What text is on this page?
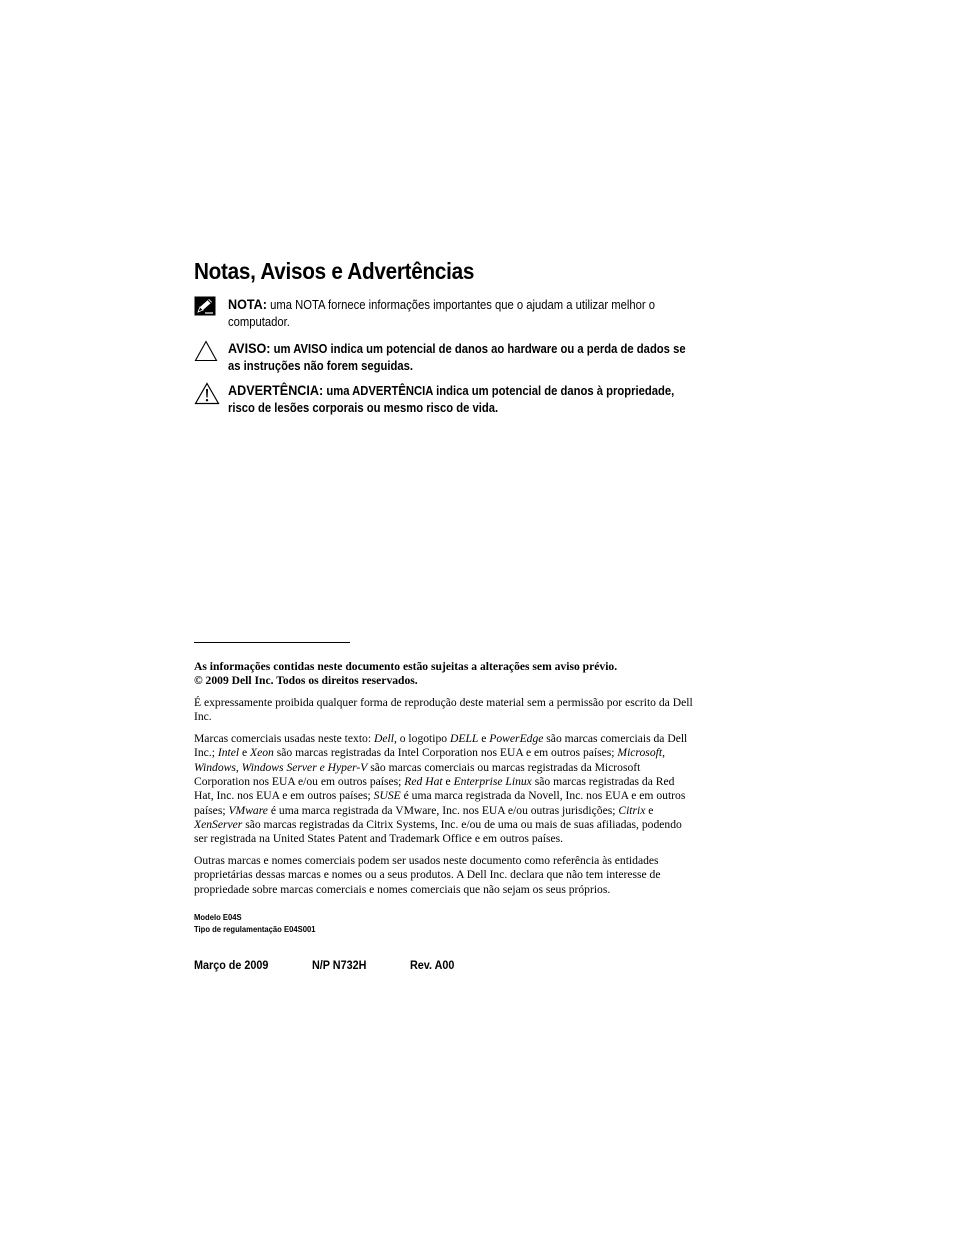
Notas, Avisos e Advertências
NOTA: uma NOTA fornece informações importantes que o ajudam a utilizar melhor o computador.
AVISO: um AVISO indica um potencial de danos ao hardware ou a perda de dados se as instruções não forem seguidas.
ADVERTÊNCIA: uma ADVERTÊNCIA indica um potencial de danos à propriedade, risco de lesões corporais ou mesmo risco de vida.

As informações contidas neste documento estão sujeitas a alterações sem aviso prévio.
© 2009 Dell Inc. Todos os direitos reservados.

É expressamente proibida qualquer forma de reprodução deste material sem a permissão por escrito da Dell Inc.

Marcas comerciais usadas neste texto: Dell, o logotipo DELL e PowerEdge são marcas comerciais da Dell Inc.; Intel e Xeon são marcas registradas da Intel Corporation nos EUA e em outros países; Microsoft, Windows, Windows Server e Hyper-V são marcas comerciais ou marcas registradas da Microsoft Corporation nos EUA e/ou em outros países; Red Hat e Enterprise Linux são marcas registradas da Red Hat, Inc. nos EUA e em outros países; SUSE é uma marca registrada da Novell, Inc. nos EUA e em outros países; VMware é uma marca registrada da VMware, Inc. nos EUA e/ou outras jurisdições; Citrix e XenServer são marcas registradas da Citrix Systems, Inc. e/ou de uma ou mais de suas afiliadas, podendo ser registrada na United States Patent and Trademark Office e em outros países.

Outras marcas e nomes comerciais podem ser usados neste documento como referência às entidades proprietárias dessas marcas e nomes ou a seus produtos. A Dell Inc. declara que não tem interesse de propriedade sobre marcas comerciais e nomes comerciais que não sejam os seus próprios.

Modelo E04S
Tipo de regulamentação E04S001
Março de 2009	N/P N732H	Rev. A00
